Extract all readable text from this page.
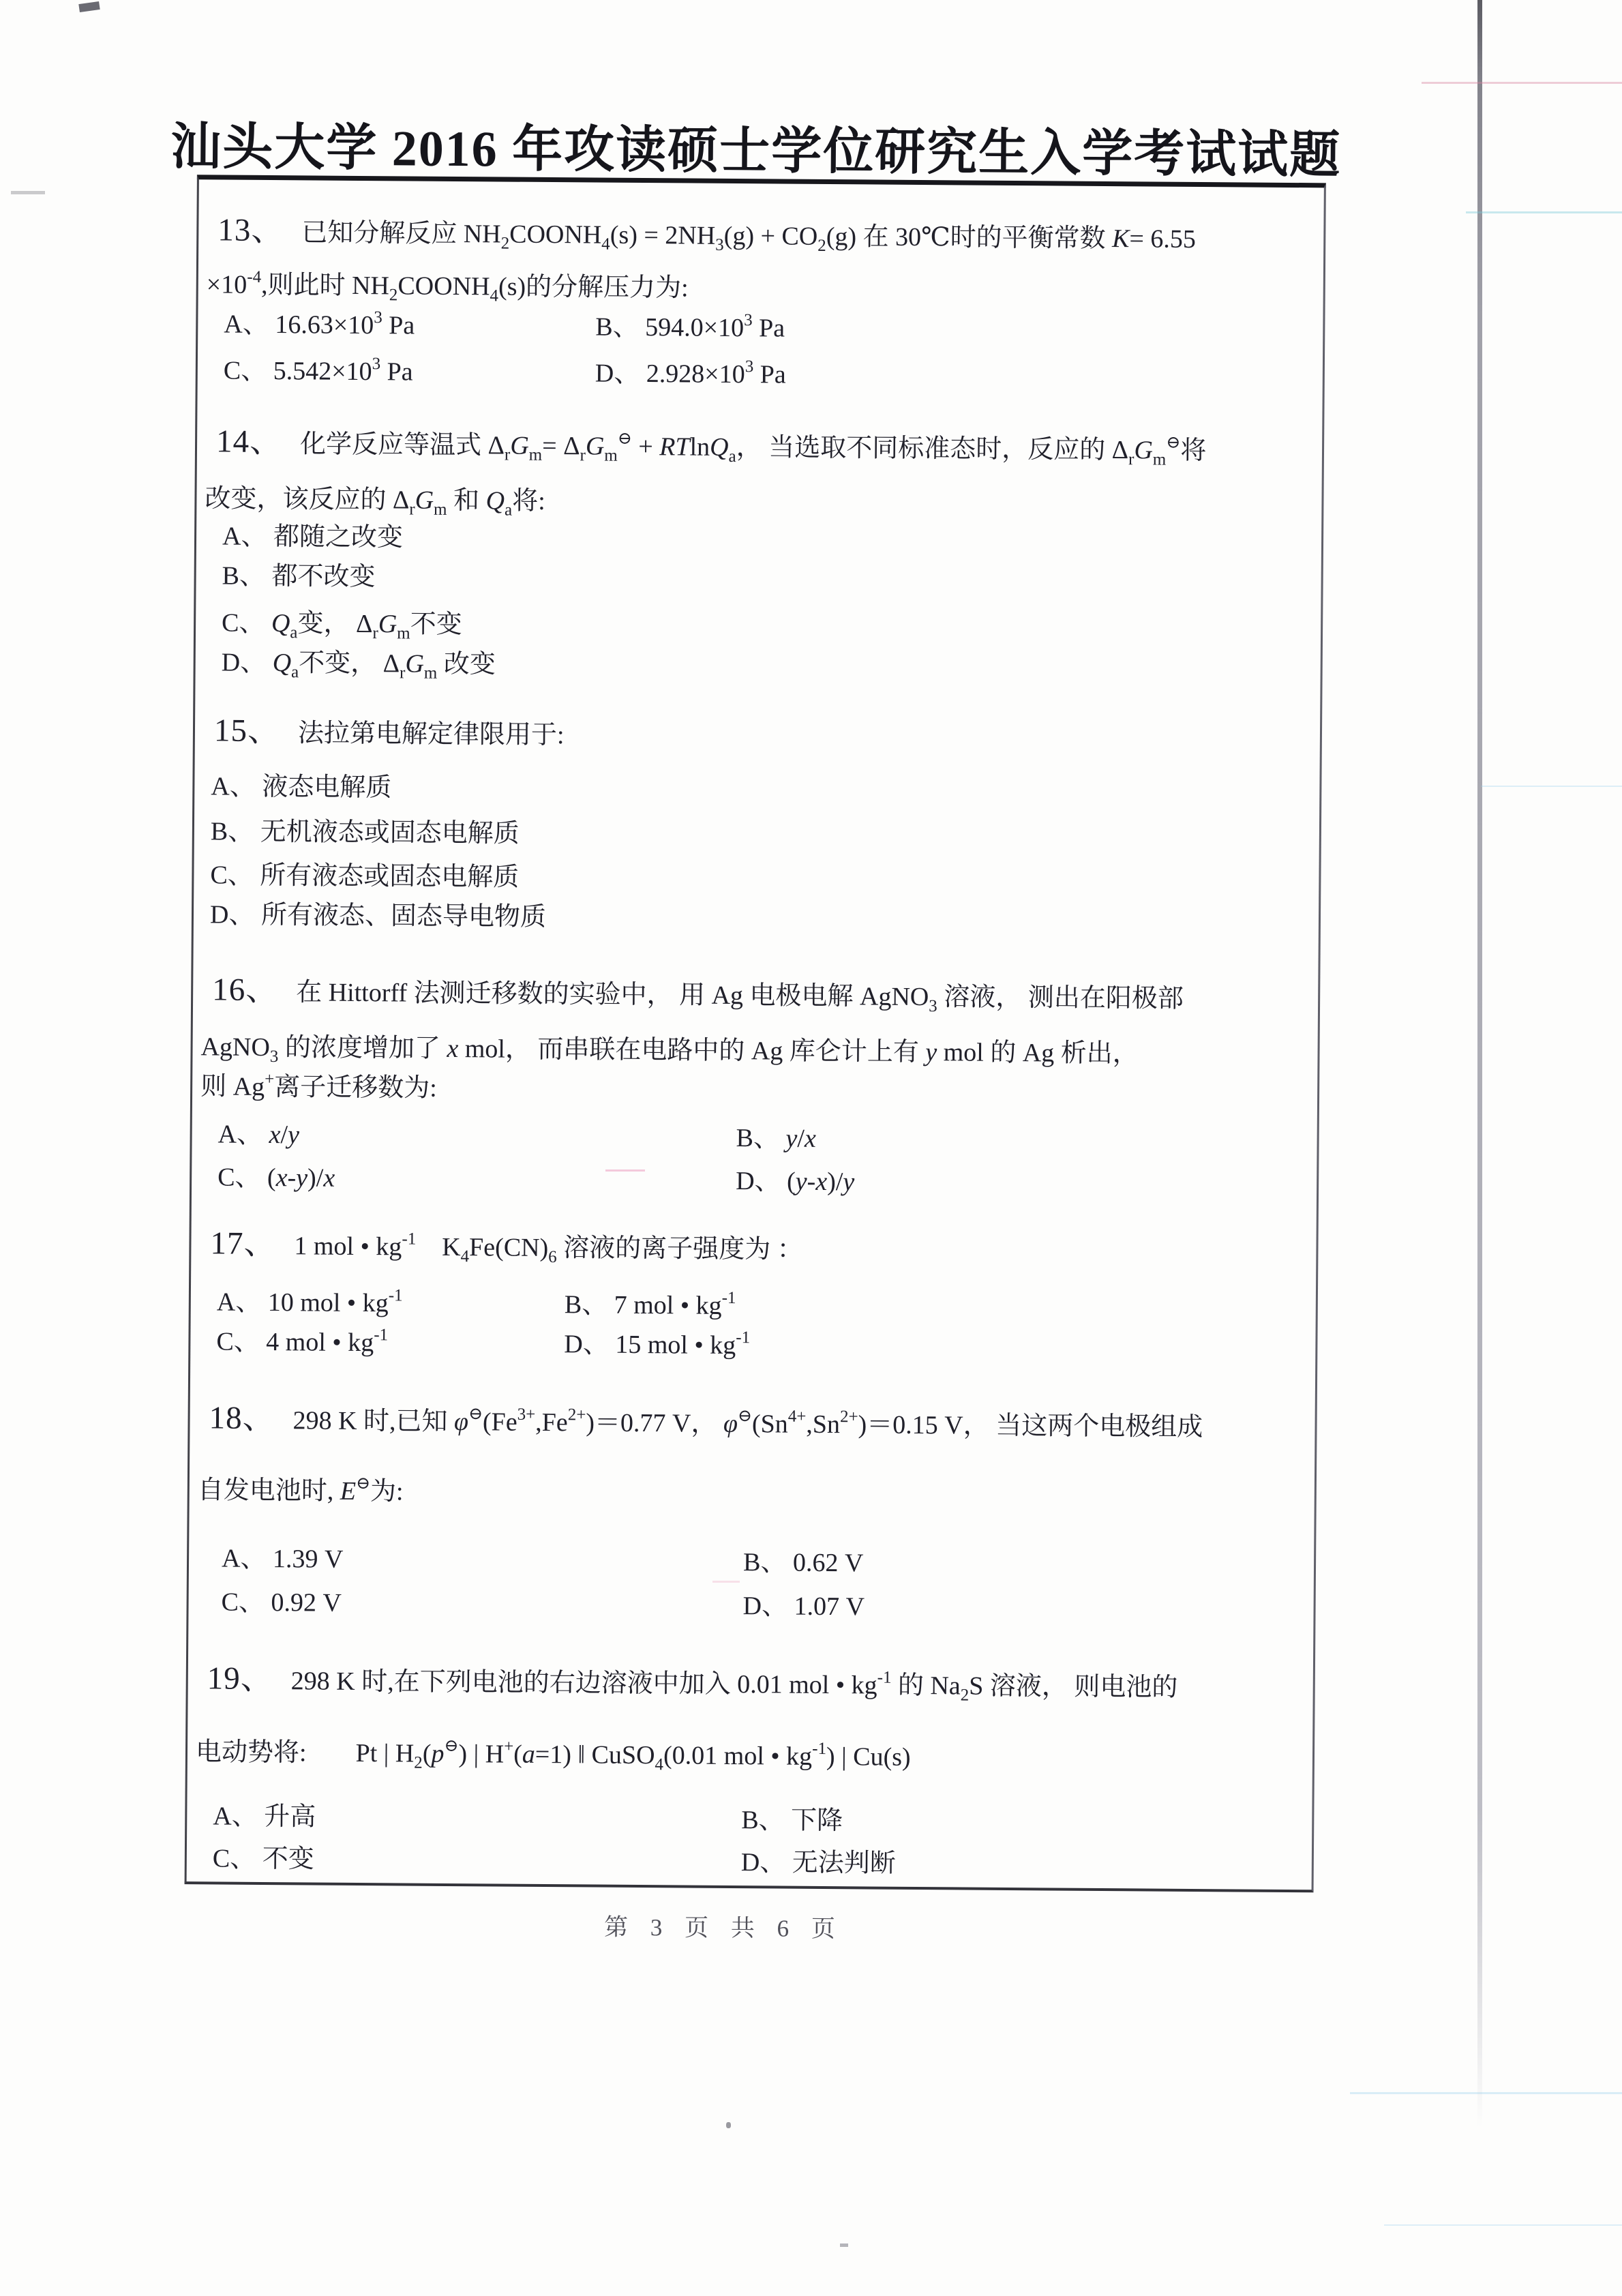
汕头大学 2016 年攻读硕士学位研究生入学考试试题
13、 已知分解反应 $NH_2COONH_4(s) = 2NH_3(g) + CO_2(g)$ 在 30℃时的平衡常数 K= 6.55
$\times 10^{-4}$,则此时 $NH_2COONH_4(s)$的分解压力为:
A、 $16.63\times 10^3$ Pa	B、 $594.0\times 10^3$ Pa
C、 $5.542\times 10^3$ Pa	D、 $2.928\times 10^3$ Pa
14、 化学反应等温式 $\Delta_rG_m= \Delta_rG_m^⊖ + RTlnQ_a$， 当选取不同标准态时，反应的 $\Delta_rG_m^⊖$将
改变，该反应的 $\Delta_rG_m$ 和 $Q_a$将:
A、 都随之改变
B、 都不改变
C、 $Q_a$变， $\Delta_rG_m$不变
D、 $Q_a$不变， $\Delta_rG_m$ 改变
15、 法拉第电解定律限用于:
A、 液态电解质
B、 无机液态或固态电解质
C、 所有液态或固态电解质
D、 所有液态、固态导电物质
16、 在 Hittorff 法测迁移数的实验中， 用 Ag 电极电解 AgNO$_3$ 溶液， 测出在阳极部
AgNO$_3$ 的浓度增加了 x mol， 而串联在电路中的 Ag 库仑计上有 y mol 的 Ag 析出，
则 Ag+离子迁移数为:
A、 x/y	B、 y/x
C、 (x-y)/x	D、 (y-x)/y
17、 1 mol • $kg^{-1}$　$K_4Fe(CN)_6$ 溶液的离子强度为 ：
A、 10 mol • $kg^{-1}$	B、 7 mol • $kg^{-1}$
C、 4 mol • $kg^{-1}$	D、 15 mol • $kg^{-1}$
18、 298 K 时,已知 $\varphi^⊖(Fe^{3+},Fe^{2+})=0.77$ V， $\varphi^⊖(Sn^{4+},Sn^{2+})=0.15$ V， 当这两个电极组成
自发电池时, E⊖为:
A、 1.39 V	B、 0.62 V
C、 0.92 V	D、 1.07 V
19、 298 K 时,在下列电池的右边溶液中加入 0.01 mol • $kg^{-1}$ 的 $Na_2S$ 溶液， 则电池的
电动势将: Pt | $H_2(p^⊖)$ | H+(a=1) ‖ CuSO$_4$(0.01 mol • $kg^{-1}$) | Cu(s)
A、 升高	B、 下降
C、 不变	D、 无法判断
第 3 页 共 6 页
